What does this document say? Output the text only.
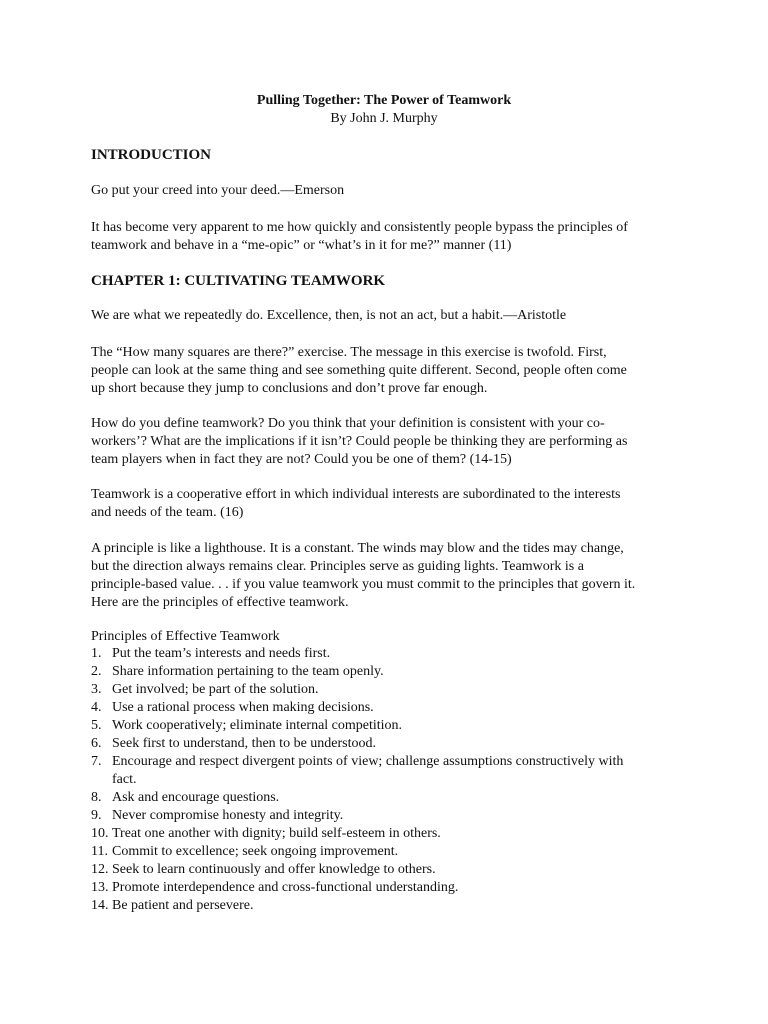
Pulling Together: The Power of Teamwork
By John J. Murphy
INTRODUCTION
Go put your creed into your deed.—Emerson
It has become very apparent to me how quickly and consistently people bypass the principles of
teamwork and behave in a “me-opic” or “what’s in it for me?” manner (11)
CHAPTER 1: CULTIVATING TEAMWORK
We are what we repeatedly do. Excellence, then, is not an act, but a habit.—Aristotle
The “How many squares are there?” exercise. The message in this exercise is twofold. First,
people can look at the same thing and see something quite different. Second, people often come
up short because they jump to conclusions and don’t prove far enough.
How do you define teamwork? Do you think that your definition is consistent with your co-
workers’? What are the implications if it isn’t? Could people be thinking they are performing as
team players when in fact they are not? Could you be one of them? (14-15)
Teamwork is a cooperative effort in which individual interests are subordinated to the interests
and needs of the team. (16)
A principle is like a lighthouse. It is a constant. The winds may blow and the tides may change,
but the direction always remains clear. Principles serve as guiding lights. Teamwork is a
principle-based value. . . if you value teamwork you must commit to the principles that govern it.
Here are the principles of effective teamwork.
Principles of Effective Teamwork
1. Put the team’s interests and needs first.
2. Share information pertaining to the team openly.
3. Get involved; be part of the solution.
4. Use a rational process when making decisions.
5. Work cooperatively; eliminate internal competition.
6. Seek first to understand, then to be understood.
7. Encourage and respect divergent points of view; challenge assumptions constructively with
fact.
8. Ask and encourage questions.
9. Never compromise honesty and integrity.
10. Treat one another with dignity; build self-esteem in others.
11. Commit to excellence; seek ongoing improvement.
12. Seek to learn continuously and offer knowledge to others.
13. Promote interdependence and cross-functional understanding.
14. Be patient and persevere.
